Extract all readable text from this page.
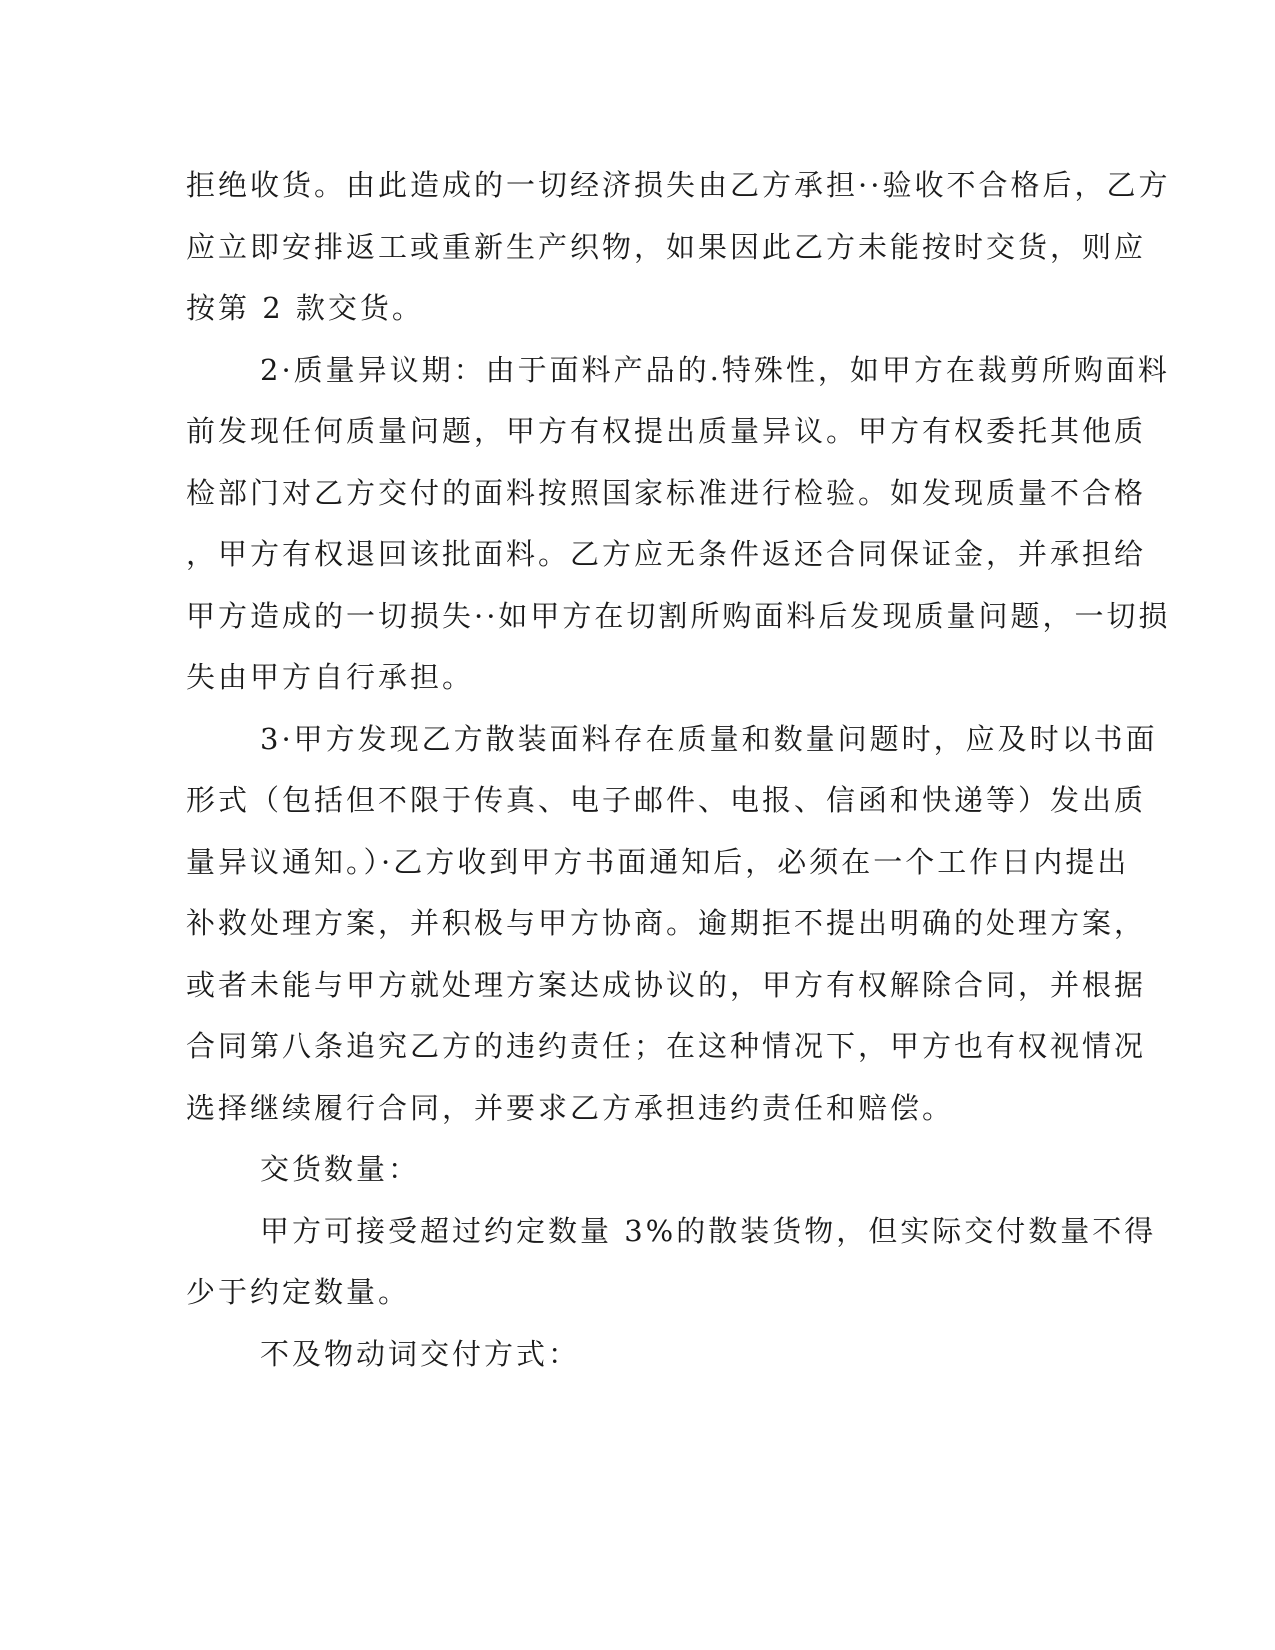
拒绝收货。由此造成的一切经济损失由乙方承担··验收不合格后，乙方
应立即安排返工或重新生产织物，如果因此乙方未能按时交货，则应
按第 2 款交货。
2·质量异议期：由于面料产品的.特殊性，如甲方在裁剪所购面料
前发现任何质量问题，甲方有权提出质量异议。甲方有权委托其他质
检部门对乙方交付的面料按照国家标准进行检验。如发现质量不合格
，甲方有权退回该批面料。乙方应无条件返还合同保证金，并承担给
甲方造成的一切损失··如甲方在切割所购面料后发现质量问题，一切损
失由甲方自行承担。
3·甲方发现乙方散装面料存在质量和数量问题时，应及时以书面
形式（包括但不限于传真、电子邮件、电报、信函和快递等）发出质
量异议通知。）·乙方收到甲方书面通知后，必须在一个工作日内提出
补救处理方案，并积极与甲方协商。逾期拒不提出明确的处理方案，
或者未能与甲方就处理方案达成协议的，甲方有权解除合同，并根据
合同第八条追究乙方的违约责任；在这种情况下，甲方也有权视情况
选择继续履行合同，并要求乙方承担违约责任和赔偿。
交货数量：
甲方可接受超过约定数量 3%的散装货物，但实际交付数量不得
少于约定数量。
不及物动词交付方式：
